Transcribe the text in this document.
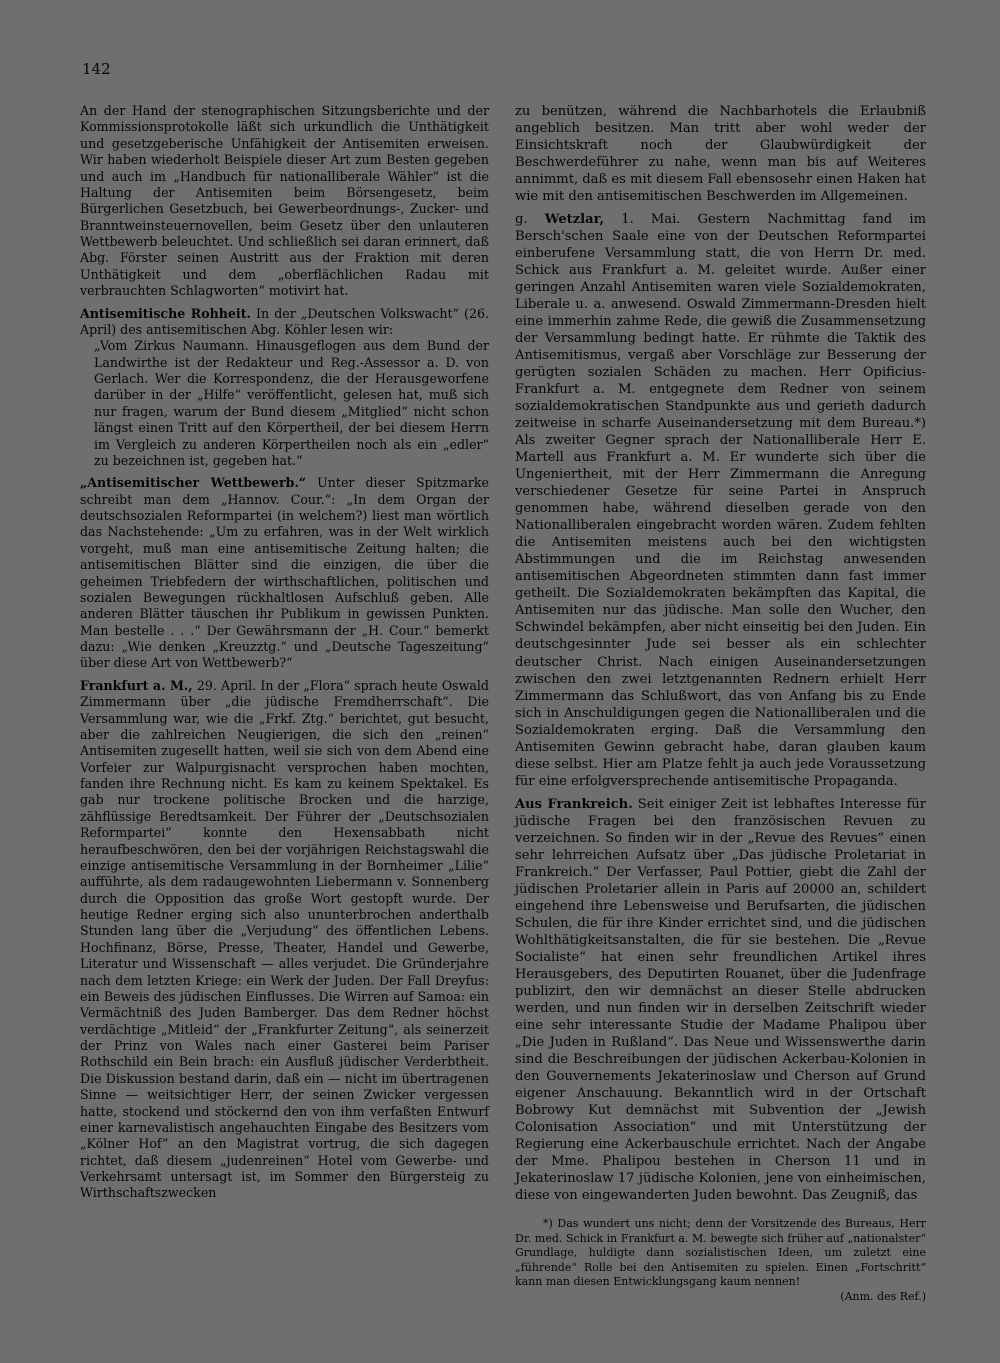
142

An der Hand der stenographischen Sitzungsberichte und der Kommissionsprotokolle läßt sich urkundlich die Unthätigkeit und gesetzgeberische Unfähigkeit der Antisemiten erweisen. Wir haben wiederholt Beispiele dieser Art zum Besten gegeben und auch im „Handbuch für nationalliberale Wähler“ ist die Haltung der Antisemiten beim Börsengesetz, beim Bürgerlichen Gesetzbuch, bei Gewerbeordnungs-, Zucker- und Branntweinsteuernovellen, beim Gesetz über den unlauteren Wettbewerb beleuchtet. Und schließlich sei daran erinnert, daß Abg. Förster seinen Austritt aus der Fraktion mit deren Unthätigkeit und dem „oberflächlichen Radau mit verbrauchten Schlagworten“ motivirt hat.

Antisemitische Rohheit. In der „Deutschen Volkswacht“ (26. April) des antisemitischen Abg. Köhler lesen wir:

„Vom Zirkus Naumann. Hinausgeflogen aus dem Bund der Landwirthe ist der Redakteur und Reg.-Assessor a. D. von Gerlach. Wer die Korrespondenz, die der Herausgeworfene darüber in der „Hilfe“ veröffentlicht, gelesen hat, muß sich nur fragen, warum der Bund diesem „Mitglied“ nicht schon längst einen Tritt auf den Körpertheil, der bei diesem Herrn im Vergleich zu anderen Körpertheilen noch als ein „edler“ zu bezeichnen ist, gegeben hat.“

„Antisemitischer Wettbewerb.“ Unter dieser Spitzmarke schreibt man dem „Hannov. Cour.“: „In dem Organ der deutschsozialen Reformpartei (in welchem?) liest man wörtlich das Nachstehende: „Um zu erfahren, was in der Welt wirklich vorgeht, muß man eine antisemitische Zeitung halten; die antisemitischen Blätter sind die einzigen, die über die geheimen Triebfedern der wirthschaftlichen, politischen und sozialen Bewegungen rückhaltlosen Aufschluß geben. Alle anderen Blätter täuschen ihr Publikum in gewissen Punkten. Man bestelle . . .“ Der Gewährsmann der „H. Cour.“ bemerkt dazu: „Wie denken „Kreuzztg.“ und „Deutsche Tageszeitung“ über diese Art von Wettbewerb?“

Frankfurt a. M., 29. April. In der „Flora“ sprach heute Oswald Zimmermann über „die jüdische Fremdherrschaft“. Die Versammlung war, wie die „Frkf. Ztg.“ berichtet, gut besucht, aber die zahlreichen Neugierigen, die sich den „reinen“ Antisemiten zugesellt hatten, weil sie sich von dem Abend eine Vorfeier zur Walpurgisnacht versprochen haben mochten, fanden ihre Rechnung nicht. Es kam zu keinem Spektakel. Es gab nur trockene politische Brocken und die harzige, zähflüssige Beredtsamkeit. Der Führer der „Deutschsozialen Reformpartei“ konnte den Hexensabbath nicht heraufbeschwören, den bei der vorjährigen Reichstagswahl die einzige antisemitische Versammlung in der Bornheimer „Lilie“ aufführte, als dem radaugewohnten Liebermann v. Sonnenberg durch die Opposition das große Wort gestopft wurde. Der heutige Redner erging sich also ununterbrochen anderthalb Stunden lang über die „Verjudung“ des öffentlichen Lebens. Hochfinanz, Börse, Presse, Theater, Handel und Gewerbe, Literatur und Wissenschaft — alles verjudet. Die Gründerjahre nach dem letzten Kriege: ein Werk der Juden. Der Fall Dreyfus: ein Beweis des jüdischen Einflusses. Die Wirren auf Samoa: ein Vermächtniß des Juden Bamberger. Das dem Redner höchst verdächtige „Mitleid“ der „Frankfurter Zeitung“, als seinerzeit der Prinz von Wales nach einer Gasterei beim Pariser Rothschild ein Bein brach: ein Ausfluß jüdischer Verderbtheit. Die Diskussion bestand darin, daß ein — nicht im übertragenen Sinne — weitsichtiger Herr, der seinen Zwicker vergessen hatte, stockend und stöckernd den von ihm verfaßten Entwurf einer karnevalistisch angehauchten Eingabe des Besitzers vom „Kölner Hof“ an den Magistrat vortrug, die sich dagegen richtet, daß diesem „judenreinen“ Hotel vom Gewerbe- und Verkehrsamt untersagt ist, im Sommer den Bürgersteig zu Wirthschaftszwecken

zu benützen, während die Nachbarhotels die Erlaubniß angeblich besitzen. Man tritt aber wohl weder der Einsichtskraft noch der Glaubwürdigkeit der Beschwerdeführer zu nahe, wenn man bis auf Weiteres annimmt, daß es mit diesem Fall ebensosehr einen Haken hat wie mit den antisemitischen Beschwerden im Allgemeinen.

g. Wetzlar, 1. Mai. Gestern Nachmittag fand im Bersch'schen Saale eine von der Deutschen Reformpartei einberufene Versammlung statt, die von Herrn Dr. med. Schick aus Frankfurt a. M. geleitet wurde. Außer einer geringen Anzahl Antisemiten waren viele Sozialdemokraten, Liberale u. a. anwesend. Oswald Zimmermann-Dresden hielt eine immerhin zahme Rede, die gewiß die Zusammensetzung der Versammlung bedingt hatte. Er rühmte die Taktik des Antisemitismus, vergaß aber Vorschläge zur Besserung der gerügten sozialen Schäden zu machen. Herr Opificius-Frankfurt a. M. entgegnete dem Redner von seinem sozialdemokratischen Standpunkte aus und gerieth dadurch zeitweise in scharfe Auseinandersetzung mit dem Bureau.*) Als zweiter Gegner sprach der Nationalliberale Herr E. Martell aus Frankfurt a. M. Er wunderte sich über die Ungeniertheit, mit der Herr Zimmermann die Anregung verschiedener Gesetze für seine Partei in Anspruch genommen habe, während dieselben gerade von den Nationalliberalen eingebracht worden wären. Zudem fehlten die Antisemiten meistens auch bei den wichtigsten Abstimmungen und die im Reichstag anwesenden antisemitischen Abgeordneten stimmten dann fast immer getheilt. Die Sozialdemokraten bekämpften das Kapital, die Antisemiten nur das jüdische. Man solle den Wucher, den Schwindel bekämpfen, aber nicht einseitig bei den Juden. Ein deutschgesinnter Jude sei besser als ein schlechter deutscher Christ. Nach einigen Auseinandersetzungen zwischen den zwei letztgenannten Rednern erhielt Herr Zimmermann das Schlußwort, das von Anfang bis zu Ende sich in Anschuldigungen gegen die Nationalliberalen und die Sozialdemokraten erging. Daß die Versammlung den Antisemiten Gewinn gebracht habe, daran glauben kaum diese selbst. Hier am Platze fehlt ja auch jede Voraussetzung für eine erfolgversprechende antisemitische Propaganda.

Aus Frankreich. Seit einiger Zeit ist lebhaftes Interesse für jüdische Fragen bei den französischen Revuen zu verzeichnen. So finden wir in der „Revue des Revues“ einen sehr lehrreichen Aufsatz über „Das jüdische Proletariat in Frankreich.“ Der Verfasser, Paul Pottier, giebt die Zahl der jüdischen Proletarier allein in Paris auf 20000 an, schildert eingehend ihre Lebensweise und Berufsarten, die jüdischen Schulen, die für ihre Kinder errichtet sind, und die jüdischen Wohlthätigkeitsanstalten, die für sie bestehen. Die „Revue Socialiste“ hat einen sehr freundlichen Artikel ihres Herausgebers, des Deputirten Rouanet, über die Judenfrage publizirt, den wir demnächst an dieser Stelle abdrucken werden, und nun finden wir in derselben Zeitschrift wieder eine sehr interessante Studie der Madame Phalipou über „Die Juden in Rußland“. Das Neue und Wissenswerthe darin sind die Beschreibungen der jüdischen Ackerbau-Kolonien in den Gouvernements Jekaterinoslaw und Cherson auf Grund eigener Anschauung. Bekanntlich wird in der Ortschaft Bobrowy Kut demnächst mit Subvention der „Jewish Colonisation Association“ und mit Unterstützung der Regierung eine Ackerbauschule errichtet. Nach der Angabe der Mme. Phalipou bestehen in Cherson 11 und in Jekaterinoslaw 17 jüdische Kolonien, jene von einheimischen, diese von eingewanderten Juden bewohnt. Das Zeugniß, das

*) Das wundert uns nicht; denn der Vorsitzende des Bureaus, Herr Dr. med. Schick in Frankfurt a. M. bewegte sich früher auf „nationalster“ Grundlage, huldigte dann sozialistischen Ideen, um zuletzt eine „führende“ Rolle bei den Antisemiten zu spielen. Einen „Fortschritt“ kann man diesen Entwicklungsgang kaum nennen!

(Anm. des Ref.)
